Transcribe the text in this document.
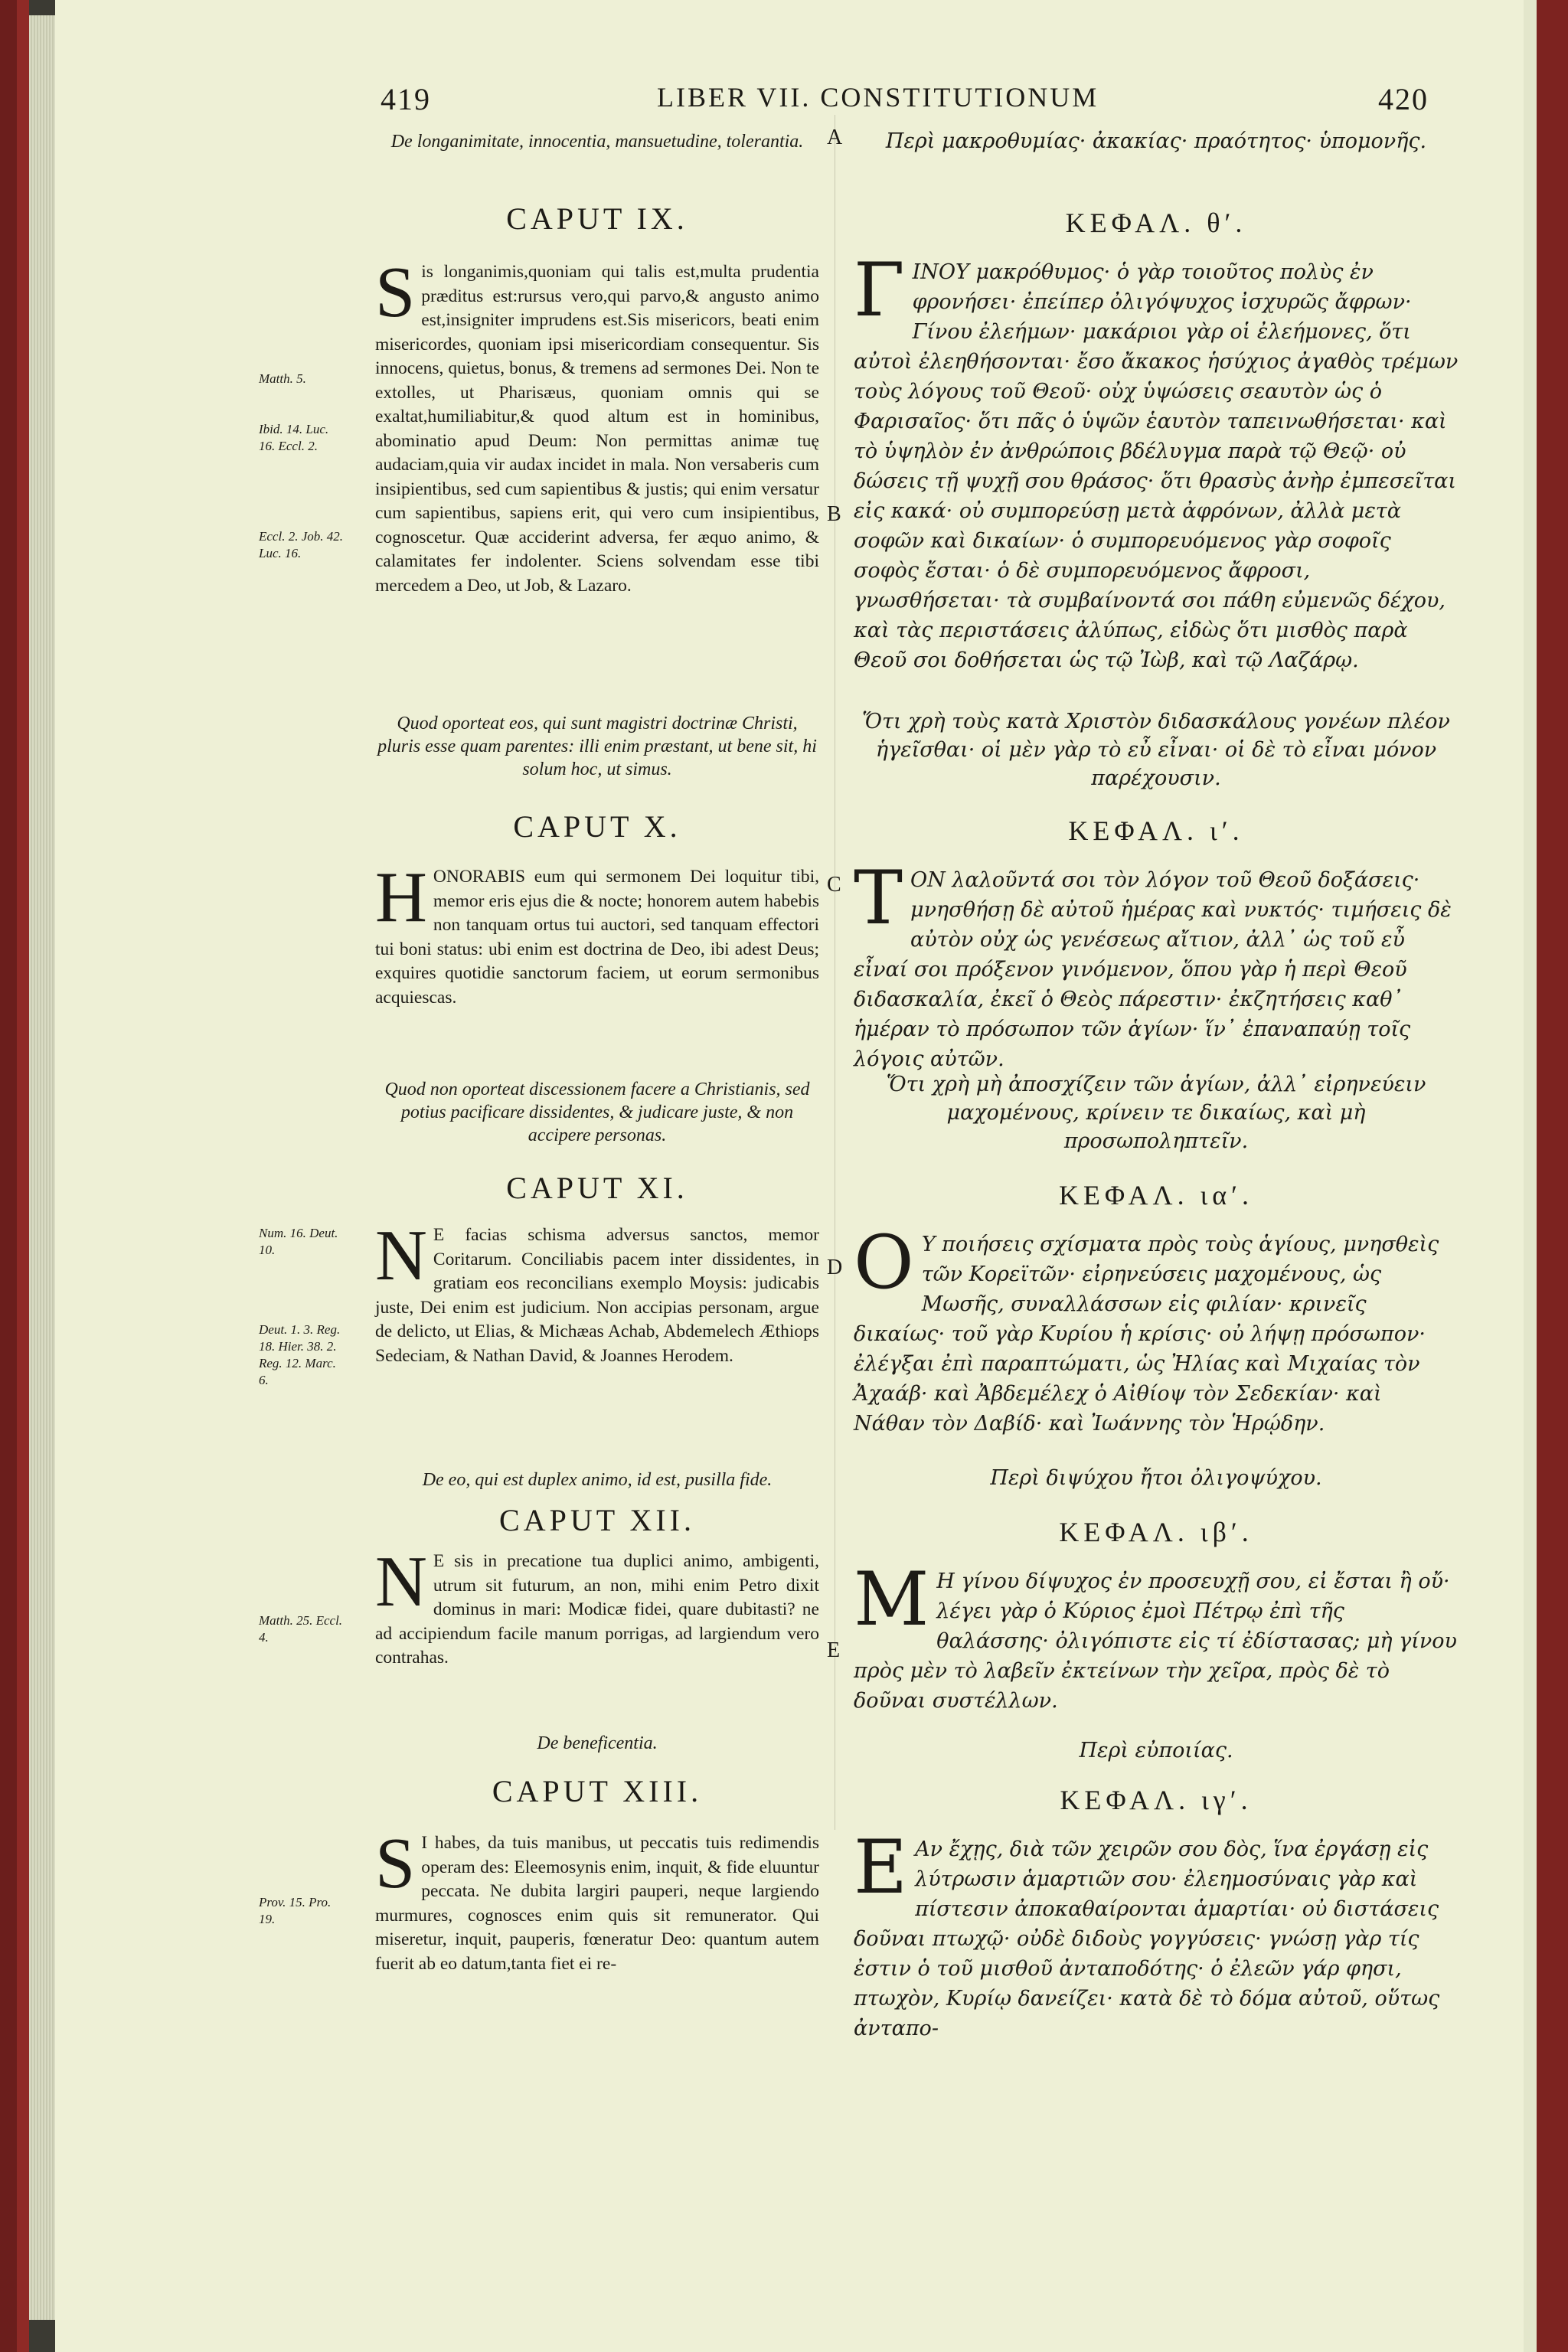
419	LIBER VII. CONSTITUTIONUM	420
A
B
C
D
E
Matth. 5.
Ibid. 14. Luc. 16. Eccl. 2.
Eccl. 2. Job. 42. Luc. 16.
Num. 16. Deut. 10.
Deut. 1. 3. Reg. 18. Hier. 38. 2. Reg. 12. Marc. 6.
Matth. 25. Eccl. 4.
Prov. 15. Pro. 19.
De longanimitate, innocentia, mansuetudine, tolerantia.
CAPUT IX.
Sis longanimis,quoniam qui talis est,multa prudentia præditus est:rursus vero,qui parvo,& angusto animo est,insigniter imprudens est.Sis misericors, beati enim misericordes, quoniam ipsi misericordiam consequentur. Sis innocens, quietus, bonus, & tremens ad sermones Dei. Non te extolles, ut Pharisæus, quoniam omnis qui se exaltat,humiliabitur,& quod altum est in hominibus, abominatio apud Deum: Non permittas animæ tuę audaciam,quia vir audax incidet in mala. Non versaberis cum insipientibus, sed cum sapientibus & justis; qui enim versatur cum sapientibus, sapiens erit, qui vero cum insipientibus, cognoscetur. Quæ acciderint adversa, fer æquo animo, & calamitates fer indolenter. Sciens solvendam esse tibi mercedem a Deo, ut Job, & Lazaro.
Quod oporteat eos, qui sunt magistri doctrinæ Christi, pluris esse quam parentes: illi enim præstant, ut bene sit, hi solum hoc, ut simus.
CAPUT X.
HONORABIS eum qui sermonem Dei loquitur tibi, memor eris ejus die & nocte; honorem autem habebis non tanquam ortus tui auctori, sed tanquam effectori tui boni status: ubi enim est doctrina de Deo, ibi adest Deus; exquires quotidie sanctorum faciem, ut eorum sermonibus acquiescas.
Quod non oporteat discessionem facere a Christianis, sed potius pacificare dissidentes, & judicare juste, & non accipere personas.
CAPUT XI.
N E facias schisma adversus sanctos, memor Coritarum. Conciliabis pacem inter dissidentes, in gratiam eos reconcilians exemplo Moysis: judicabis juste, Dei enim est judicium. Non accipias personam, argue de delicto, ut Elias, & Michæas Achab, Abdemelech Æthiops Sedeciam, & Nathan David, & Joannes Herodem.
De eo, qui est duplex animo, id est, pusilla fide.
CAPUT XII.
N E sis in precatione tua duplici animo, ambigenti, utrum sit futurum, an non, mihi enim Petro dixit dominus in mari: Modicæ fidei, quare dubitasti? ne ad accipiendum facile manum porrigas, ad largiendum vero contrahas.
De beneficentia.
CAPUT XIII.
S I habes, da tuis manibus, ut peccatis tuis redimendis operam des: Eleemosynis enim, inquit, & fide eluuntur peccata. Ne dubita largiri pauperi, neque largiendo murmures, cognosces enim quis sit remunerator. Qui miseretur, inquit, pauperis, fœneratur Deo: quantum autem fuerit ab eo datum,tanta fiet ei re-
Περὶ μακροθυμίας· ἀκακίας· πραότητος· ὑπομονῆς.
ΚΕΦΑΛ. θʹ.
ΓΙΝΟΥ μακρόθυμος· ὁ γὰρ τοιοῦτος πολὺς ἐν φρονήσει· ἐπείπερ ὀλιγόψυχος ἰσχυρῶς ἄφρων· Γίνου ἐλεήμων· μακάριοι γὰρ οἱ ἐλεήμονες, ὅτι αὐτοὶ ἐλεηθήσονται· ἔσο ἄκακος ἡσύχιος ἀγαθὸς τρέμων τοὺς λόγους τοῦ Θεοῦ· οὐχ ὑψώσεις σεαυτὸν ὡς ὁ Φαρισαῖος· ὅτι πᾶς ὁ ὑψῶν ἑαυτὸν ταπεινωθήσεται· καὶ τὸ ὑψηλὸν ἐν ἀνθρώποις βδέλυγμα παρὰ τῷ Θεῷ· οὐ δώσεις τῇ ψυχῇ σου θράσος· ὅτι θρασὺς ἀνὴρ ἐμπεσεῖται εἰς κακά· οὐ συμπορεύσῃ μετὰ ἀφρόνων, ἀλλὰ μετὰ σοφῶν καὶ δικαίων· ὁ συμπορευόμενος γὰρ σοφοῖς σοφὸς ἔσται· ὁ δὲ συμπορευόμενος ἄφροσι, γνωσθήσεται· τὰ συμβαίνοντά σοι πάθη εὐμενῶς δέχου, καὶ τὰς περιστάσεις ἀλύπως, εἰδὼς ὅτι μισθὸς παρὰ Θεοῦ σοι δοθήσεται ὡς τῷ Ἰὼβ, καὶ τῷ Λαζάρῳ.
Ὅτι χρὴ τοὺς κατὰ Χριστὸν διδασκάλους γονέων πλέον ἡγεῖσθαι· οἱ μὲν γὰρ τὸ εὖ εἶναι· οἱ δὲ τὸ εἶναι μόνον παρέχουσιν.
ΚΕΦΑΛ. ιʹ.
ΤΟΝ λαλοῦντά σοι τὸν λόγον τοῦ Θεοῦ δοξάσεις· μνησθήσῃ δὲ αὐτοῦ ἡμέρας καὶ νυκτός· τιμήσεις δὲ αὐτὸν οὐχ ὡς γενέσεως αἴτιον, ἀλλ᾽ ὡς τοῦ εὖ εἶναί σοι πρόξενον γινόμενον, ὅπου γὰρ ἡ περὶ Θεοῦ διδασκαλία, ἐκεῖ ὁ Θεὸς πάρεστιν· ἐκζητήσεις καθ᾽ ἡμέραν τὸ πρόσωπον τῶν ἁγίων· ἵν᾽ ἐπαναπαύῃ τοῖς λόγοις αὐτῶν.
Ὅτι χρὴ μὴ ἀποσχίζειν τῶν ἁγίων, ἀλλ᾽ εἰρηνεύειν μαχομένους, κρίνειν τε δικαίως, καὶ μὴ προσωποληπτεῖν.
ΚΕΦΑΛ. ιαʹ.
Ο Υ ποιήσεις σχίσματα πρὸς τοὺς ἁγίους, μνησθεὶς τῶν Κορεϊτῶν· εἰρηνεύσεις μαχομένους, ὡς Μωσῆς, συναλλάσσων εἰς φιλίαν· κρινεῖς δικαίως· τοῦ γὰρ Κυρίου ἡ κρίσις· οὐ λήψῃ πρόσωπον· ἐλέγξαι ἐπὶ παραπτώματι, ὡς Ἠλίας καὶ Μιχαίας τὸν Ἀχαάβ· καὶ Ἀβδεμέλεχ ὁ Αἰθίοψ τὸν Σεδεκίαν· καὶ Νάθαν τὸν Δαβίδ· καὶ Ἰωάννης τὸν Ἡρῴδην.
Περὶ διψύχου ἤτοι ὀλιγοψύχου.
ΚΕΦΑΛ. ιβʹ.
Μ Η γίνου δίψυχος ἐν προσευχῇ σου, εἰ ἔσται ἢ οὔ· λέγει γὰρ ὁ Κύριος ἐμοὶ Πέτρῳ ἐπὶ τῆς θαλάσσης· ὀλιγόπιστε εἰς τί ἐδίστασας; μὴ γίνου πρὸς μὲν τὸ λαβεῖν ἐκτείνων τὴν χεῖρα, πρὸς δὲ τὸ δοῦναι συστέλλων.
Περὶ εὐποιίας.
ΚΕΦΑΛ. ιγʹ.
Ε Αν ἔχῃς, διὰ τῶν χειρῶν σου δὸς, ἵνα ἐργάσῃ εἰς λύτρωσιν ἁμαρτιῶν σου· ἐλεημοσύναις γὰρ καὶ πίστεσιν ἀποκαθαίρονται ἁμαρτίαι· οὐ διστάσεις δοῦναι πτωχῷ· οὐδὲ διδοὺς γογγύσεις· γνώσῃ γὰρ τίς ἐστιν ὁ τοῦ μισθοῦ ἀνταποδότης· ὁ ἐλεῶν γάρ φησι, πτωχὸν, Κυρίῳ δανείζει· κατὰ δὲ τὸ δόμα αὐτοῦ, οὕτως ἀνταπο-
